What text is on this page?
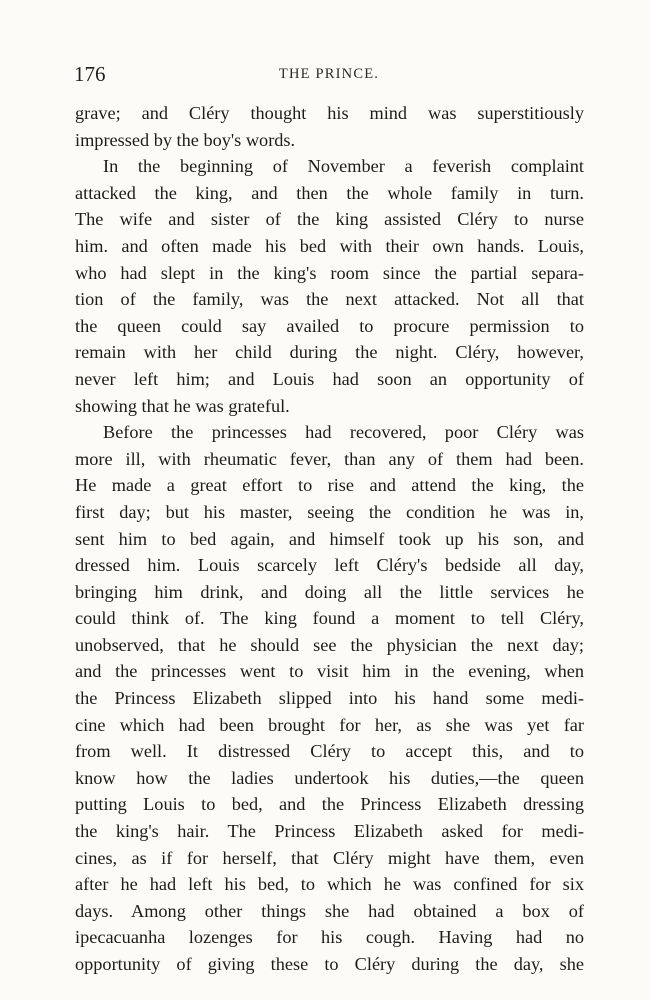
176	THE PRINCE.
grave; and Cléry thought his mind was superstitiously
impressed by the boy's words.
In the beginning of November a feverish complaint
attacked the king, and then the whole family in turn.
The wife and sister of the king assisted Cléry to nurse
him. and often made his bed with their own hands. Louis,
who had slept in the king's room since the partial separa-
tion of the family, was the next attacked. Not all that
the queen could say availed to procure permission to
remain with her child during the night. Cléry, however,
never left him; and Louis had soon an opportunity of
showing that he was grateful.
Before the princesses had recovered, poor Cléry was
more ill, with rheumatic fever, than any of them had been.
He made a great effort to rise and attend the king, the
first day; but his master, seeing the condition he was in,
sent him to bed again, and himself took up his son, and
dressed him. Louis scarcely left Cléry's bedside all day,
bringing him drink, and doing all the little services he
could think of. The king found a moment to tell Cléry,
unobserved, that he should see the physician the next day;
and the princesses went to visit him in the evening, when
the Princess Elizabeth slipped into his hand some medi-
cine which had been brought for her, as she was yet far
from well. It distressed Cléry to accept this, and to
know how the ladies undertook his duties,—the queen
putting Louis to bed, and the Princess Elizabeth dressing
the king's hair. The Princess Elizabeth asked for medi-
cines, as if for herself, that Cléry might have them, even
after he had left his bed, to which he was confined for six
days. Among other things she had obtained a box of
ipecacuanha lozenges for his cough. Having had no
opportunity of giving these to Cléry during the day, she
